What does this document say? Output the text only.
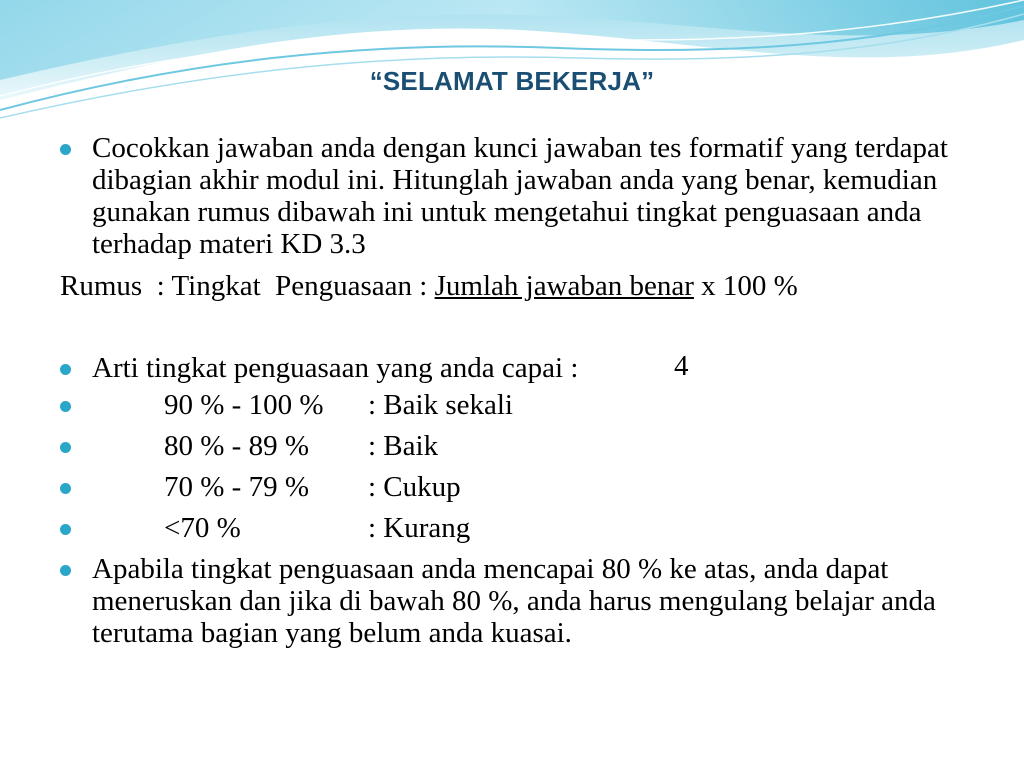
“SELAMAT BEKERJA”
Cocokkan jawaban anda dengan kunci jawaban tes formatif yang terdapat dibagian akhir modul ini. Hitunglah jawaban anda yang benar, kemudian gunakan rumus dibawah ini untuk mengetahui tingkat penguasaan anda terhadap materi KD 3.3
Rumus  : Tingkat  Penguasaan : Jumlah jawaban benar x 100 %
4
Arti tingkat penguasaan yang anda capai :
90 % - 100 % : Baik sekali
80 % - 89 % : Baik
70 % - 79 % : Cukup
<70 %	: Kurang
Apabila tingkat penguasaan anda mencapai 80 % ke atas, anda dapat meneruskan dan jika di bawah 80 %, anda harus mengulang belajar anda terutama bagian yang belum anda kuasai.
